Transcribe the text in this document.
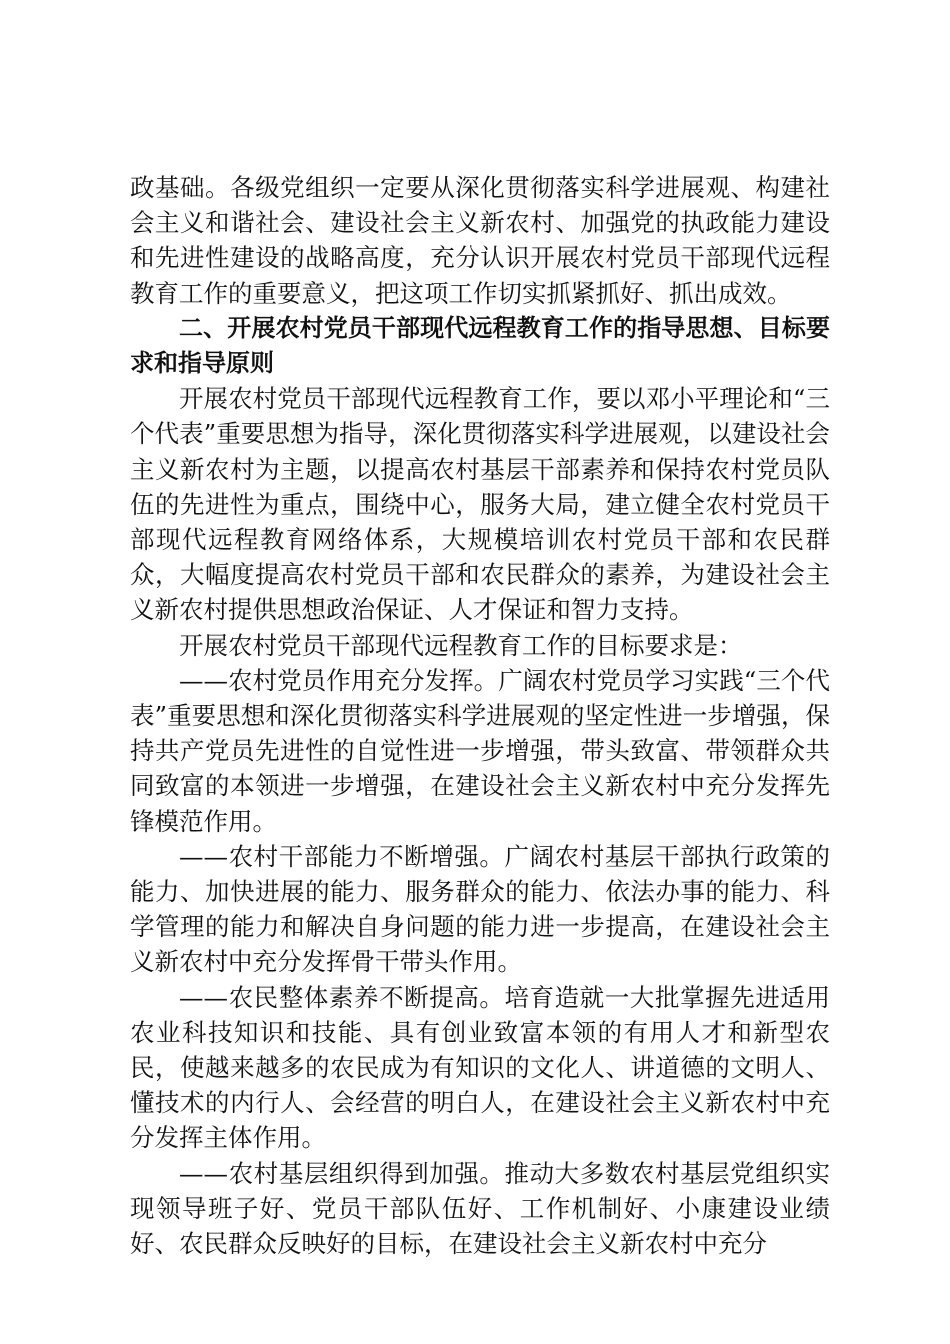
政基础。各级党组织一定要从深化贯彻落实科学进展观、构建社会主义和谐社会、建设社会主义新农村、加强党的执政能力建设和先进性建设的战略高度，充分认识开展农村党员干部现代远程教育工作的重要意义，把这项工作切实抓紧抓好、抓出成效。

二、开展农村党员干部现代远程教育工作的指导思想、目标要求和指导原则

开展农村党员干部现代远程教育工作，要以邓小平理论和“三个代表”重要思想为指导，深化贯彻落实科学进展观，以建设社会主义新农村为主题，以提高农村基层干部素养和保持农村党员队伍的先进性为重点，围绕中心，服务大局，建立健全农村党员干部现代远程教育网络体系，大规模培训农村党员干部和农民群众，大幅度提高农村党员干部和农民群众的素养，为建设社会主义新农村提供思想政治保证、人才保证和智力支持。

开展农村党员干部现代远程教育工作的目标要求是：

——农村党员作用充分发挥。广阔农村党员学习实践“三个代表”重要思想和深化贯彻落实科学进展观的坚定性进一步增强，保持共产党员先进性的自觉性进一步增强，带头致富、带领群众共同致富的本领进一步增强，在建设社会主义新农村中充分发挥先锋模范作用。

——农村干部能力不断增强。广阔农村基层干部执行政策的能力、加快进展的能力、服务群众的能力、依法办事的能力、科学管理的能力和解决自身问题的能力进一步提高，在建设社会主义新农村中充分发挥骨干带头作用。

——农民整体素养不断提高。培育造就一大批掌握先进适用农业科技知识和技能、具有创业致富本领的有用人才和新型农民，使越来越多的农民成为有知识的文化人、讲道德的文明人、懂技术的内行人、会经营的明白人，在建设社会主义新农村中充分发挥主体作用。

——农村基层组织得到加强。推动大多数农村基层党组织实现领导班子好、党员干部队伍好、工作机制好、小康建设业绩好、农民群众反映好的目标，在建设社会主义新农村中充分
